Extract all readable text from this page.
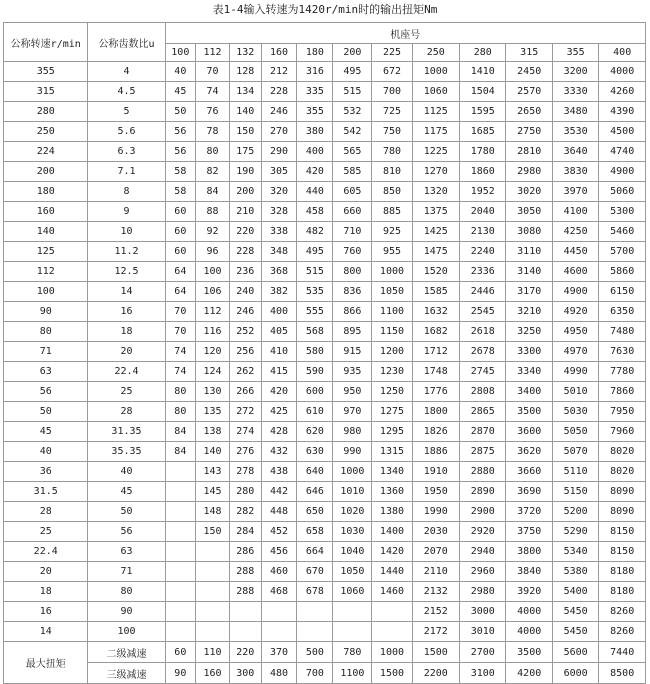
表1-4输入转速为1420r/min时的输出扭矩Nm
公称转速r/min	公称齿数比u	机座号											
		100	112	132	160	180	200	225	250	280	315	355	400
355	4	40	70	128	212	316	495	672	1000	1410	2450	3200	4000
315	4.5	45	74	134	228	335	515	700	1060	1504	2570	3330	4260
280	5	50	76	140	246	355	532	725	1125	1595	2650	3480	4390
250	5.6	56	78	150	270	380	542	750	1175	1685	2750	3530	4500
224	6.3	56	80	175	290	400	565	780	1225	1780	2810	3640	4740
200	7.1	58	82	190	305	420	585	810	1270	1860	2980	3830	4900
180	8	58	84	200	320	440	605	850	1320	1952	3020	3970	5060
160	9	60	88	210	328	458	660	885	1375	2040	3050	4100	5300
140	10	60	92	220	338	482	710	925	1425	2130	3080	4250	5460
125	11.2	60	96	228	348	495	760	955	1475	2240	3110	4450	5700
112	12.5	64	100	236	368	515	800	1000	1520	2336	3140	4600	5860
100	14	64	106	240	382	535	836	1050	1585	2446	3170	4900	6150
90	16	70	112	246	400	555	866	1100	1632	2545	3210	4920	6350
80	18	70	116	252	405	568	895	1150	1682	2618	3250	4950	7480
71	20	74	120	256	410	580	915	1200	1712	2678	3300	4970	7630
63	22.4	74	124	262	415	590	935	1230	1748	2745	3340	4990	7780
56	25	80	130	266	420	600	950	1250	1776	2808	3400	5010	7860
50	28	80	135	272	425	610	970	1275	1800	2865	3500	5030	7950
45	31.35	84	138	274	428	620	980	1295	1826	2870	3600	5050	7960
40	35.35	84	140	276	432	630	990	1315	1886	2875	3620	5070	8020
36	40		143	278	438	640	1000	1340	1910	2880	3660	5110	8020
31.5	45		145	280	442	646	1010	1360	1950	2890	3690	5150	8090
28	50		148	282	448	650	1020	1380	1990	2900	3720	5200	8090
25	56		150	284	452	658	1030	1400	2030	2920	3750	5290	8150
22.4	63			286	456	664	1040	1420	2070	2940	3800	5340	8150
20	71			288	460	670	1050	1440	2110	2960	3840	5380	8180
18	80			288	468	678	1060	1460	2132	2980	3920	5400	8180
16	90								2152	3000	4000	5450	8260
14	100								2172	3010	4000	5450	8260
最大扭矩	二级减速	60	110	220	370	500	780	1000	1500	2700	3500	5600	7440
	三级减速	90	160	300	480	700	1100	1500	2200	3100	4200	6000	8500
